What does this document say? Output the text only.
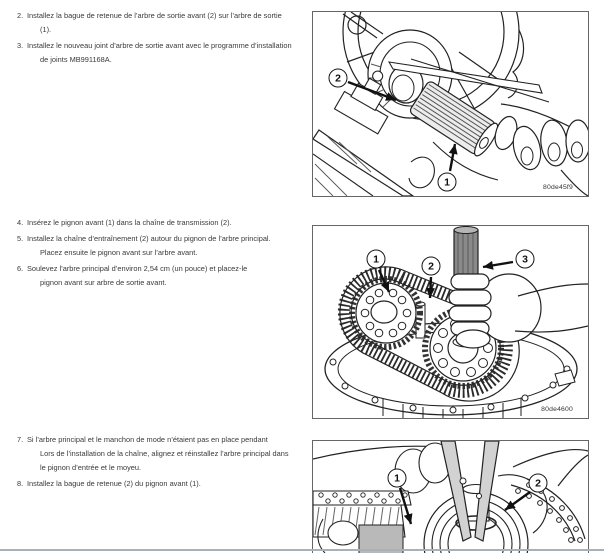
2. Installez la bague de retenue de l’arbre de sortie avant (2) sur l’arbre de sortie
(1).
3. Installez le nouveau joint d’arbre de sortie avant avec le programme d’installation
de joints MB991168A.
4. Insérez le pignon avant (1) dans la chaîne de transmission (2).
5. Installez la chaîne d’entraînement (2) autour du pignon de l’arbre principal.
Placez ensuite le pignon avant sur l’arbre avant.
6. Soulevez l’arbre principal d’environ 2,54 cm (un pouce) et placez-le
pignon avant sur arbre de sortie avant.
7. Si l’arbre principal et le manchon de mode n’étaient pas en place pendant
Lors de l’installation de la chaîne, alignez et réinstallez l’arbre principal dans
le pignon d’entrée et le moyeu.
8. Installez la bague de retenue (2) du pignon avant (1).
2
1	80de45f9
1
2
3
80de4600
1	2
